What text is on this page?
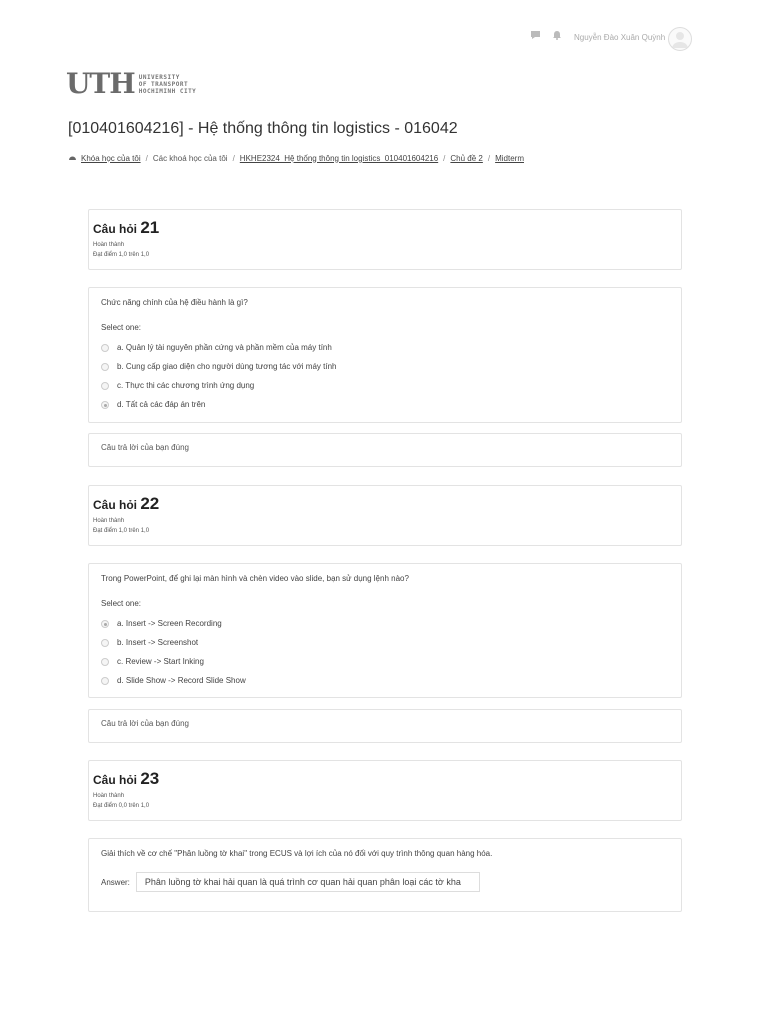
Nguyễn Đào Xuân Quỳnh
UTH UNIVERSITY
OF TRANSPORT
HOCHIMINH CITY
[010401604216] - Hệ thống thông tin logistics - 016042
Khóa học của tôi / Các khoá học của tôi / HKHE2324_Hệ thống thông tin logistics_010401604216 / Chủ đề 2 / Midterm
Câu hỏi 21
Hoàn thành
Đạt điểm 1,0 trên 1,0
Chức năng chính của hệ điều hành là gì?
Select one:
a. Quản lý tài nguyên phần cứng và phần mềm của máy tính
b. Cung cấp giao diện cho người dùng tương tác với máy tính
c. Thực thi các chương trình ứng dụng
d. Tất cả các đáp án trên
Câu trả lời của bạn đúng
Câu hỏi 22
Hoàn thành
Đạt điểm 1,0 trên 1,0
Trong PowerPoint, để ghi lại màn hình và chèn video vào slide, bạn sử dụng lệnh nào?
Select one:
a. Insert -> Screen Recording
b. Insert -> Screenshot
c. Review -> Start Inking
d. Slide Show -> Record Slide Show
Câu trả lời của bạn đúng
Câu hỏi 23
Hoàn thành
Đạt điểm 0,0 trên 1,0
Giải thích về cơ chế "Phân luồng tờ khai" trong ECUS và lợi ích của nó đối với quy trình thông quan hàng hóa.
Answer:
Phân luồng tờ khai hải quan là quá trình cơ quan hải quan phân loại các tờ kha
